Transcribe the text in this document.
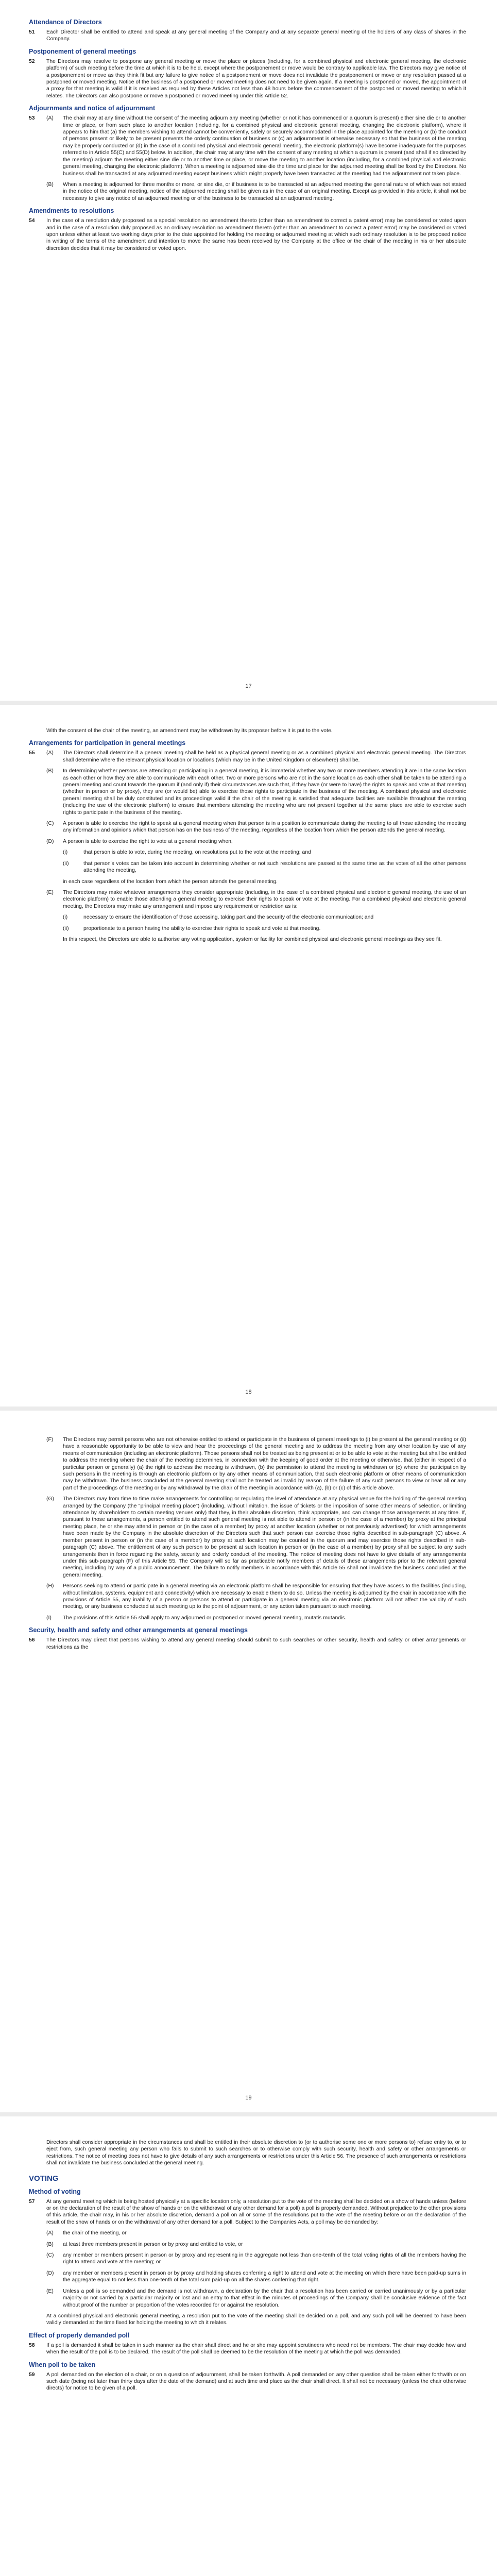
Attendance of Directors
51	Each Director shall be entitled to attend and speak at any general meeting of the Company and at any separate general meeting of the holders of any class of shares in the Company.
Postponement of general meetings
52	The Directors may resolve to postpone any general meeting or move the place or places (including, for a combined physical and electronic general meeting, the electronic platform) of such meeting before the time at which it is to be held, except where the postponement or move would be contrary to applicable law. The Directors may give notice of a postponement or move as they think fit but any failure to give notice of a postponement or move does not invalidate the postponement or move or any resolution passed at a postponed or moved meeting. Notice of the business of a postponed or moved meeting does not need to be given again. If a meeting is postponed or moved, the appointment of a proxy for that meeting is valid if it is received as required by these Articles not less than 48 hours before the commencement of the postponed or moved meeting to which it relates. The Directors can also postpone or move a postponed or moved meeting under this Article 52.
Adjournments and notice of adjournment
53	(A)	The chair may at any time without the consent of the meeting adjourn any meeting (whether or not it has commenced or a quorum is present) either sine die or to another time or place, or from such place to another location (including, for a combined physical and electronic general meeting, changing the electronic platform), where it appears to him that (a) the members wishing to attend cannot be conveniently, safely or securely accommodated in the place appointed for the meeting or (b) the conduct of persons present or likely to be present prevents the orderly continuation of business or (c) an adjournment is otherwise necessary so that the business of the meeting may be properly conducted or (d) in the case of a combined physical and electronic general meeting, the electronic platform(s) have become inadequate for the purposes referred to in Article 55(C) and 55(D) below. In addition, the chair may at any time with the consent of any meeting at which a quorum is present (and shall if so directed by the meeting) adjourn the meeting either sine die or to another time or place, or move the meeting to another location (including, for a combined physical and electronic general meeting, changing the electronic platform). When a meeting is adjourned sine die the time and place for the adjourned meeting shall be fixed by the Directors. No business shall be transacted at any adjourned meeting except business which might properly have been transacted at the meeting had the adjournment not taken place.
(B)	When a meeting is adjourned for three months or more, or sine die, or if business is to be transacted at an adjourned meeting the general nature of which was not stated in the notice of the original meeting, notice of the adjourned meeting shall be given as in the case of an original meeting. Except as provided in this article, it shall not be necessary to give any notice of an adjourned meeting or of the business to be transacted at an adjourned meeting.
Amendments to resolutions
54	In the case of a resolution duly proposed as a special resolution no amendment thereto (other than an amendment to correct a patent error) may be considered or voted upon and in the case of a resolution duly proposed as an ordinary resolution no amendment thereto (other than an amendment to correct a patent error) may be considered or voted upon unless either at least two working days prior to the date appointed for holding the meeting or adjourned meeting at which such ordinary resolution is to be proposed notice in writing of the terms of the amendment and intention to move the same has been received by the Company at the office or the chair of the meeting in his or her absolute discretion decides that it may be considered or voted upon.
17
With the consent of the chair of the meeting, an amendment may be withdrawn by its proposer before it is put to the vote.
Arrangements for participation in general meetings
55	(A)	The Directors shall determine if a general meeting shall be held as a physical general meeting or as a combined physical and electronic general meeting. The Directors shall determine where the relevant physical location or locations (which may be in the United Kingdom or elsewhere) shall be.
(B)	In determining whether persons are attending or participating in a general meeting, it is immaterial whether any two or more members attending it are in the same location as each other or how they are able to communicate with each other. Two or more persons who are not in the same location as each other shall be taken to be attending a general meeting and count towards the quorum if (and only if) their circumstances are such that, if they have (or were to have) the rights to speak and vote at that meeting (whether in person or by proxy), they are (or would be) able to exercise those rights to participate in the business of the meeting. A combined physical and electronic general meeting shall be duly constituted and its proceedings valid if the chair of the meeting is satisfied that adequate facilities are available throughout the meeting (including the use of the electronic platform) to ensure that members attending the meeting who are not present together at the same place are able to exercise such rights to participate in the business of the meeting.
(C)	A person is able to exercise the right to speak at a general meeting when that person is in a position to communicate during the meeting to all those attending the meeting any information and opinions which that person has on the business of the meeting, regardless of the location from which the person attends the general meeting.
(D)	A person is able to exercise the right to vote at a general meeting when,
(i)	that person is able to vote, during the meeting, on resolutions put to the vote at the meeting; and
(ii)	that person's votes can be taken into account in determining whether or not such resolutions are passed at the same time as the votes of all the other persons attending the meeting,
in each case regardless of the location from which the person attends the general meeting.
(E)	The Directors may make whatever arrangements they consider appropriate (including, in the case of a combined physical and electronic general meeting, the use of an electronic platform) to enable those attending a general meeting to exercise their rights to speak or vote at the meeting. For a combined physical and electronic general meeting, the Directors may make any arrangement and impose any requirement or restriction as is:
(i)	necessary to ensure the identification of those accessing, taking part and the security of the electronic communication; and
(ii)	proportionate to a person having the ability to exercise their rights to speak and vote at that meeting.
In this respect, the Directors are able to authorise any voting application, system or facility for combined physical and electronic general meetings as they see fit.
18
(F)	The Directors may permit persons who are not otherwise entitled to attend or participate in the business of general meetings to (i) be present at the general meeting or (ii) have a reasonable opportunity to be able to view and hear the proceedings of the general meeting and to address the meeting from any other location by use of any means of communication (including an electronic platform). Those persons shall not be treated as being present at or to be able to vote at the meeting but shall be entitled to address the meeting where the chair of the meeting determines, in connection with the keeping of good order at the meeting or otherwise, that (either in respect of a particular person or generally) (a) the right to address the meeting is withdrawn, (b) the permission to attend the meeting is withdrawn or (c) where the participation by such persons in the meeting is through an electronic platform or by any other means of communication, that such electronic platform or other means of communication may be withdrawn. The business concluded at the general meeting shall not be treated as invalid by reason of the failure of any such persons to view or hear all or any part of the proceedings of the meeting or by any withdrawal by the chair of the meeting in accordance with (a), (b) or (c) of this article above.
(G)	The Directors may from time to time make arrangements for controlling or regulating the level of attendance at any physical venue for the holding of the general meeting arranged by the Company (the "principal meeting place") (including, without limitation, the issue of tickets or the imposition of some other means of selection, or limiting attendance by shareholders to certain meeting venues only) that they, in their absolute discretion, think appropriate, and can change those arrangements at any time. If, pursuant to those arrangements, a person entitled to attend such general meeting is not able to attend in person or (in the case of a member) by proxy at the principal meeting place, he or she may attend in person or (in the case of a member) by proxy at another location (whether or not previously advertised) for which arrangements have been made by the Company in the absolute discretion of the Directors such that such person can exercise those rights described in sub-paragraph (C) above. A member present in person or (in the case of a member) by proxy at such location may be counted in the quorum and may exercise those rights described in sub-paragraph (C) above. The entitlement of any such person to be present at such location in person or (in the case of a member) by proxy shall be subject to any such arrangements then in force regarding the safety, security and orderly conduct of the meeting. The notice of meeting does not have to give details of any arrangements under this sub-paragraph (F) of this Article 55. The Company will so far as practicable notify members of details of these arrangements prior to the relevant general meeting, including by way of a public announcement. The failure to notify members in accordance with this Article 55 shall not invalidate the business concluded at the general meeting.
(H)	Persons seeking to attend or participate in a general meeting via an electronic platform shall be responsible for ensuring that they have access to the facilities (including, without limitation, systems, equipment and connectivity) which are necessary to enable them to do so. Unless the meeting is adjourned by the chair in accordance with the provisions of Article 55, any inability of a person or persons to attend or participate in a general meeting via an electronic platform will not affect the validity of such meeting, or any business conducted at such meeting up to the point of adjournment, or any action taken pursuant to such meeting.
(I)	The provisions of this Article 55 shall apply to any adjourned or postponed or moved general meeting, mutatis mutandis.
Security, health and safety and other arrangements at general meetings
56	The Directors may direct that persons wishing to attend any general meeting should submit to such searches or other security, health and safety or other arrangements or restrictions as the
19
Directors shall consider appropriate in the circumstances and shall be entitled in their absolute discretion to (or to authorise some one or more persons to) refuse entry to, or to eject from, such general meeting any person who fails to submit to such searches or to otherwise comply with such security, health and safety or other arrangements or restrictions. The notice of meeting does not have to give details of any such arrangements or restrictions under this Article 56. The presence of such arrangements or restrictions shall not invalidate the business concluded at the general meeting.
VOTING
Method of voting
57	At any general meeting which is being hosted physically at a specific location only, a resolution put to the vote of the meeting shall be decided on a show of hands unless (before or on the declaration of the result of the show of hands or on the withdrawal of any other demand for a poll) a poll is properly demanded. Without prejudice to the other provisions of this article, the chair may, in his or her absolute discretion, demand a poll on all or some of the resolutions put to the vote of the meeting before or on the declaration of the result of the show of hands or on the withdrawal of any other demand for a poll. Subject to the Companies Acts, a poll may be demanded by:
(A)	the chair of the meeting, or
(B)	at least three members present in person or by proxy and entitled to vote, or
(C)	any member or members present in person or by proxy and representing in the aggregate not less than one-tenth of the total voting rights of all the members having the right to attend and vote at the meeting; or
(D)	any member or members present in person or by proxy and holding shares conferring a right to attend and vote at the meeting on which there have been paid-up sums in the aggregate equal to not less than one-tenth of the total sum paid-up on all the shares conferring that right.
(E)	Unless a poll is so demanded and the demand is not withdrawn, a declaration by the chair that a resolution has been carried or carried unanimously or by a particular majority or not carried by a particular majority or lost and an entry to that effect in the minutes of proceedings of the Company shall be conclusive evidence of the fact without proof of the number or proportion of the votes recorded for or against the resolution.
At a combined physical and electronic general meeting, a resolution put to the vote of the meeting shall be decided on a poll, and any such poll will be deemed to have been validly demanded at the time fixed for holding the meeting to which it relates.
Effect of properly demanded poll
58	If a poll is demanded it shall be taken in such manner as the chair shall direct and he or she may appoint scrutineers who need not be members. The chair may decide how and when the result of the poll is to be declared. The result of the poll shall be deemed to be the resolution of the meeting at which the poll was demanded.
When poll to be taken
59	A poll demanded on the election of a chair, or on a question of adjournment, shall be taken forthwith. A poll demanded on any other question shall be taken either forthwith or on such date (being not later than thirty days after the date of the demand) and at such time and place as the chair shall direct. It shall not be necessary (unless the chair otherwise directs) for notice to be given of a poll.
